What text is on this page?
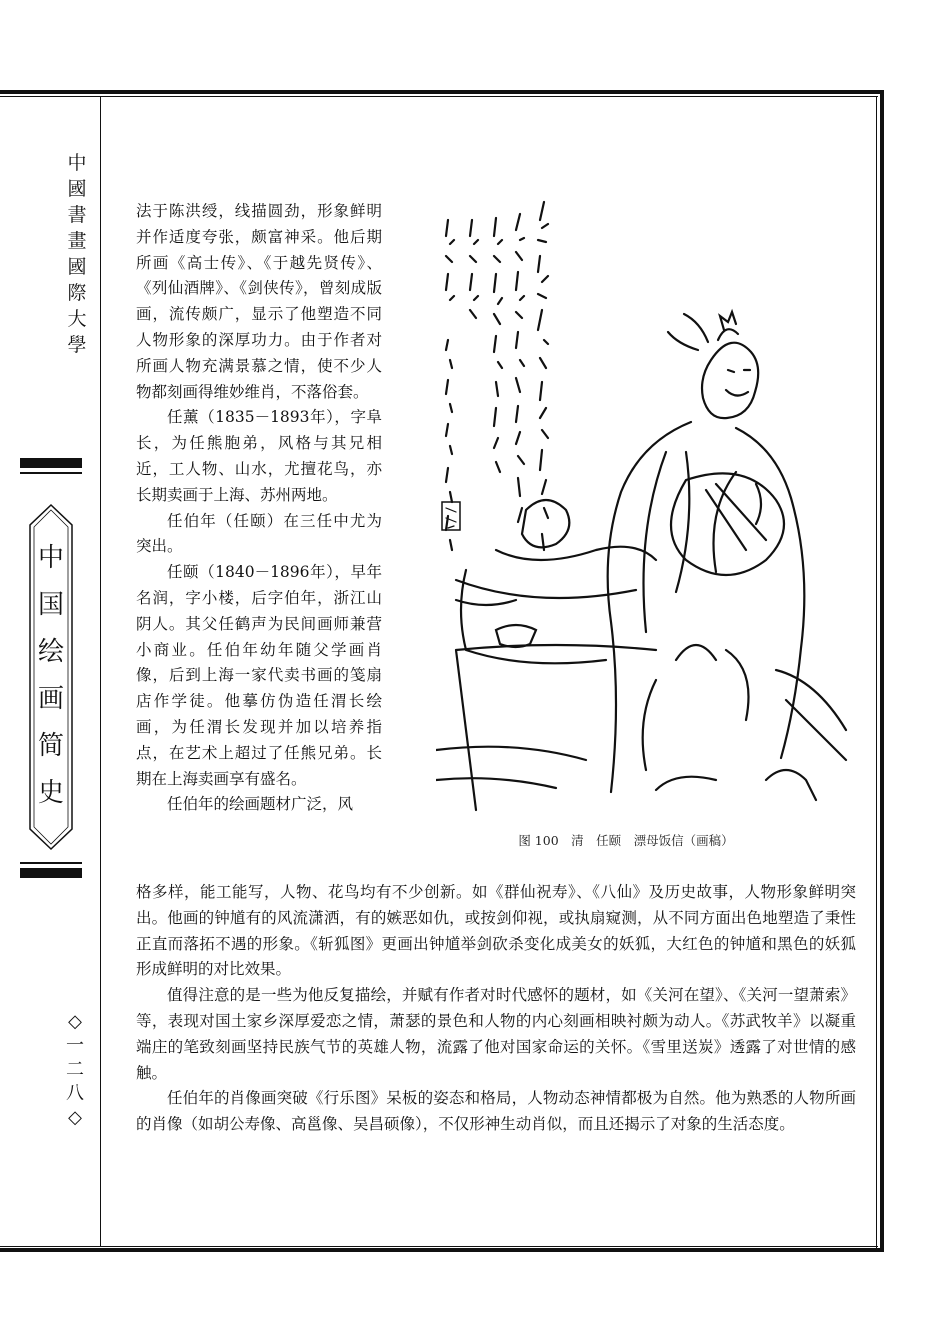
中
國
書
畫
國
際
大
學
中
国
绘
画
简
史
◇
一
二
八
◇

法于陈洪绶，线描圆劲，形象鲜明并作适度夸张，颇富神采。他后期所画《高士传》、《于越先贤传》、《列仙酒牌》、《剑侠传》，曾刻成版画，流传颇广，显示了他塑造不同人物形象的深厚功力。由于作者对所画人物充满景慕之情，使不少人物都刻画得维妙维肖，不落俗套。

任薰（1835－1893年），字阜长，为任熊胞弟，风格与其兄相近，工人物、山水，尤擅花鸟，亦长期卖画于上海、苏州两地。

任伯年（任颐）在三任中尤为突出。

任颐（1840－1896年），早年名润，字小楼，后字伯年，浙江山阴人。其父任鹤声为民间画师兼营小商业。任伯年幼年随父学画肖像，后到上海一家代卖书画的笺扇店作学徒。他摹仿伪造任渭长绘画，为任渭长发现并加以培养指点，在艺术上超过了任熊兄弟。长期在上海卖画享有盛名。

任伯年的绘画题材广泛，风

图 100　清　任颐　漂母饭信（画稿）

格多样，能工能写，人物、花鸟均有不少创新。如《群仙祝寿》、《八仙》及历史故事，人物形象鲜明突出。他画的钟馗有的风流潇洒，有的嫉恶如仇，或按剑仰视，或执扇窥测，从不同方面出色地塑造了秉性正直而落拓不遇的形象。《斩狐图》更画出钟馗举剑砍杀变化成美女的妖狐，大红色的钟馗和黑色的妖狐形成鲜明的对比效果。

值得注意的是一些为他反复描绘，并赋有作者对时代感怀的题材，如《关河在望》、《关河一望萧索》等，表现对国土家乡深厚爱恋之情，萧瑟的景色和人物的内心刻画相映衬颇为动人。《苏武牧羊》以凝重端庄的笔致刻画坚持民族气节的英雄人物，流露了他对国家命运的关怀。《雪里送炭》透露了对世情的感触。

任伯年的肖像画突破《行乐图》呆板的姿态和格局，人物动态神情都极为自然。他为熟悉的人物所画的肖像（如胡公寿像、高邕像、吴昌硕像），不仅形神生动肖似，而且还揭示了对象的生活态度。
